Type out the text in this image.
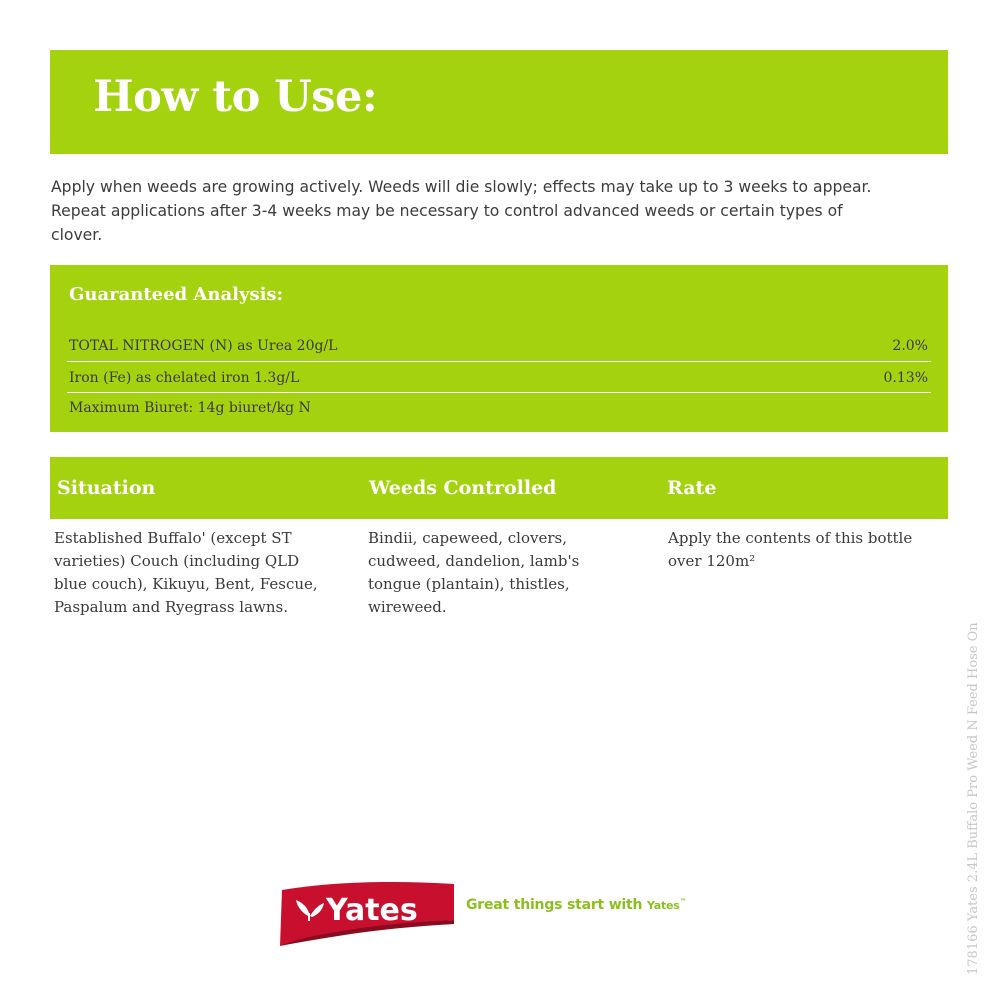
How to Use:

Apply when weeds are growing actively. Weeds will die slowly; effects may take up to 3 weeks to appear.
Repeat applications after 3-4 weeks may be necessary to control advanced weeds or certain types of
clover.

Guaranteed Analysis:
TOTAL NITROGEN (N) as Urea 20g/L	2.0%
Iron (Fe) as chelated iron 1.3g/L	0.13%
Maximum Biuret: 14g biuret/kg N
Situation	Weeds Controlled	Rate

Established Buffalo' (except ST
varieties) Couch (including QLD
blue couch), Kikuyu, Bent, Fescue,
Paspalum and Ryegrass lawns.

Bindii, capeweed, clovers,
cudweed, dandelion, lamb's
tongue (plantain), thistles,
wireweed.

Apply the contents of this bottle
over 120m²

Yates	Great things start with Yates™	178166 Yates 2.4L Buffalo Pro Weed N Feed Hose On
